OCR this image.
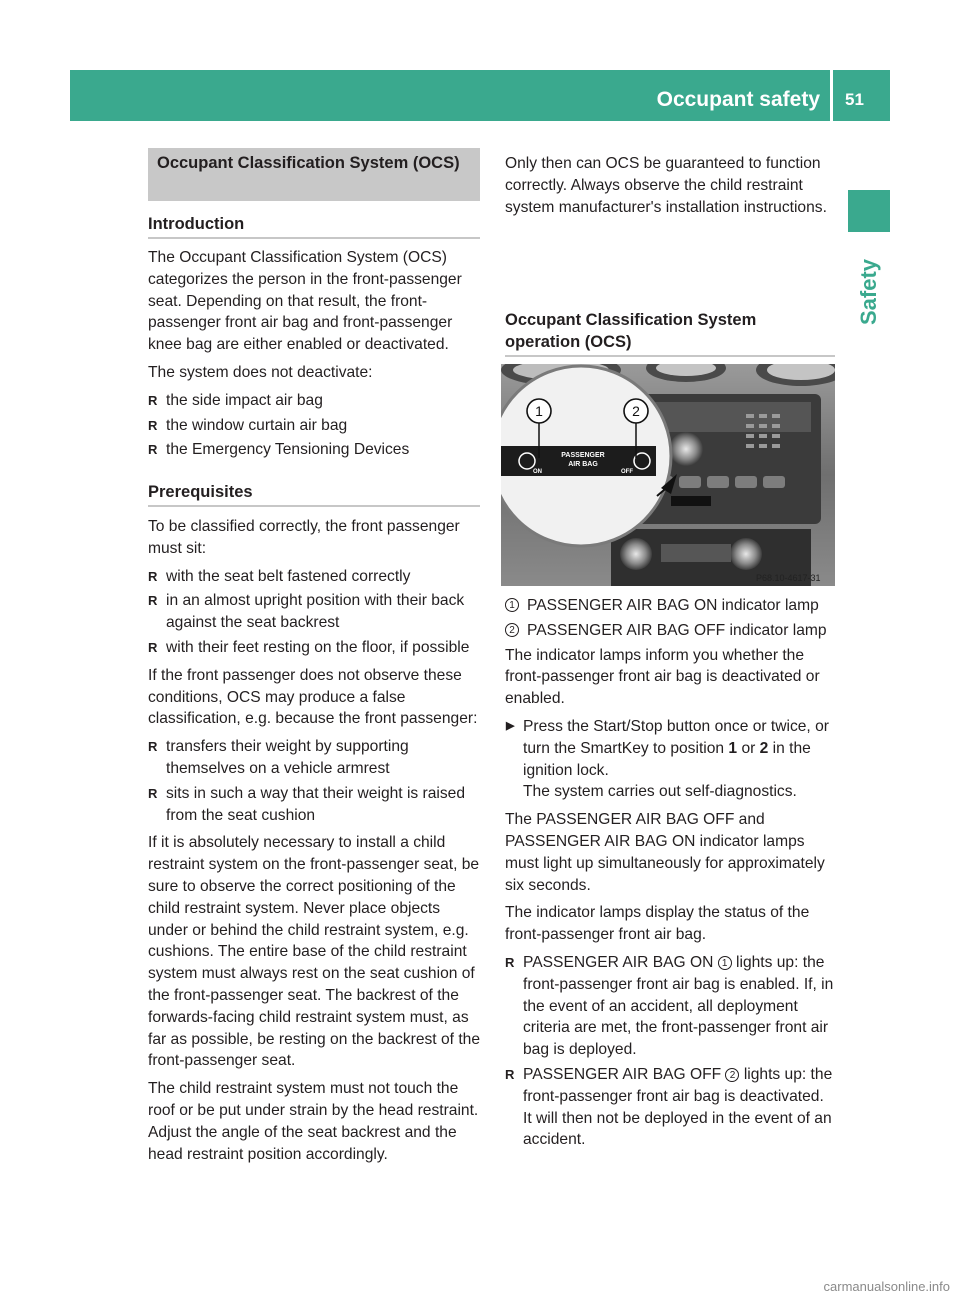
Occupant safety 51
Safety
Occupant Classification System (OCS)
Introduction
Prerequisites

The Occupant Classification System (OCS) categorizes the person in the front-passenger seat. Depending on that result, the front-passenger front air bag and front-passenger knee bag are either enabled or deactivated.

The system does not deactivate:

R the side impact air bag
R the window curtain air bag
R the Emergency Tensioning Devices

To be classified correctly, the front passenger must sit:

R with the seat belt fastened correctly
R in an almost upright position with their back against the seat backrest
R with their feet resting on the floor, if possible

If the front passenger does not observe these conditions, OCS may produce a false classification, e.g. because the front passenger:

R transfers their weight by supporting themselves on a vehicle armrest
R sits in such a way that their weight is raised from the seat cushion

If it is absolutely necessary to install a child restraint system on the front-passenger seat, be sure to observe the correct positioning of the child restraint system. Never place objects under or behind the child restraint system, e.g. cushions. The entire base of the child restraint system must always rest on the seat cushion of the front-passenger seat. The backrest of the forwards-facing child restraint system must, as far as possible, be resting on the backrest of the front-passenger seat.

The child restraint system must not touch the roof or be put under strain by the head restraint. Adjust the angle of the seat backrest and the head restraint position accordingly.

Only then can OCS be guaranteed to function correctly. Always observe the child restraint system manufacturer's installation instructions.

Occupant Classification System operation (OCS)
P68.10-4617-31
ON	OFF
PASSENGER
AIR BAG
1	2
1 PASSENGER AIR BAG ON indicator lamp
2 PASSENGER AIR BAG OFF indicator lamp

The indicator lamps inform you whether the front-passenger front air bag is deactivated or enabled.

▶ Press the Start/Stop button once or twice, or turn the SmartKey to position 1 or 2 in the ignition lock.
The system carries out self-diagnostics.

The PASSENGER AIR BAG OFF and PASSENGER AIR BAG ON indicator lamps must light up simultaneously for approximately six seconds.

The indicator lamps display the status of the front-passenger front air bag.

R PASSENGER AIR BAG ON 1 lights up: the front-passenger front air bag is enabled. If, in the event of an accident, all deployment criteria are met, the front-passenger front air bag is deployed.
R PASSENGER AIR BAG OFF 2 lights up: the front-passenger front air bag is deactivated. It will then not be deployed in the event of an accident.
carmanualsonline.info
